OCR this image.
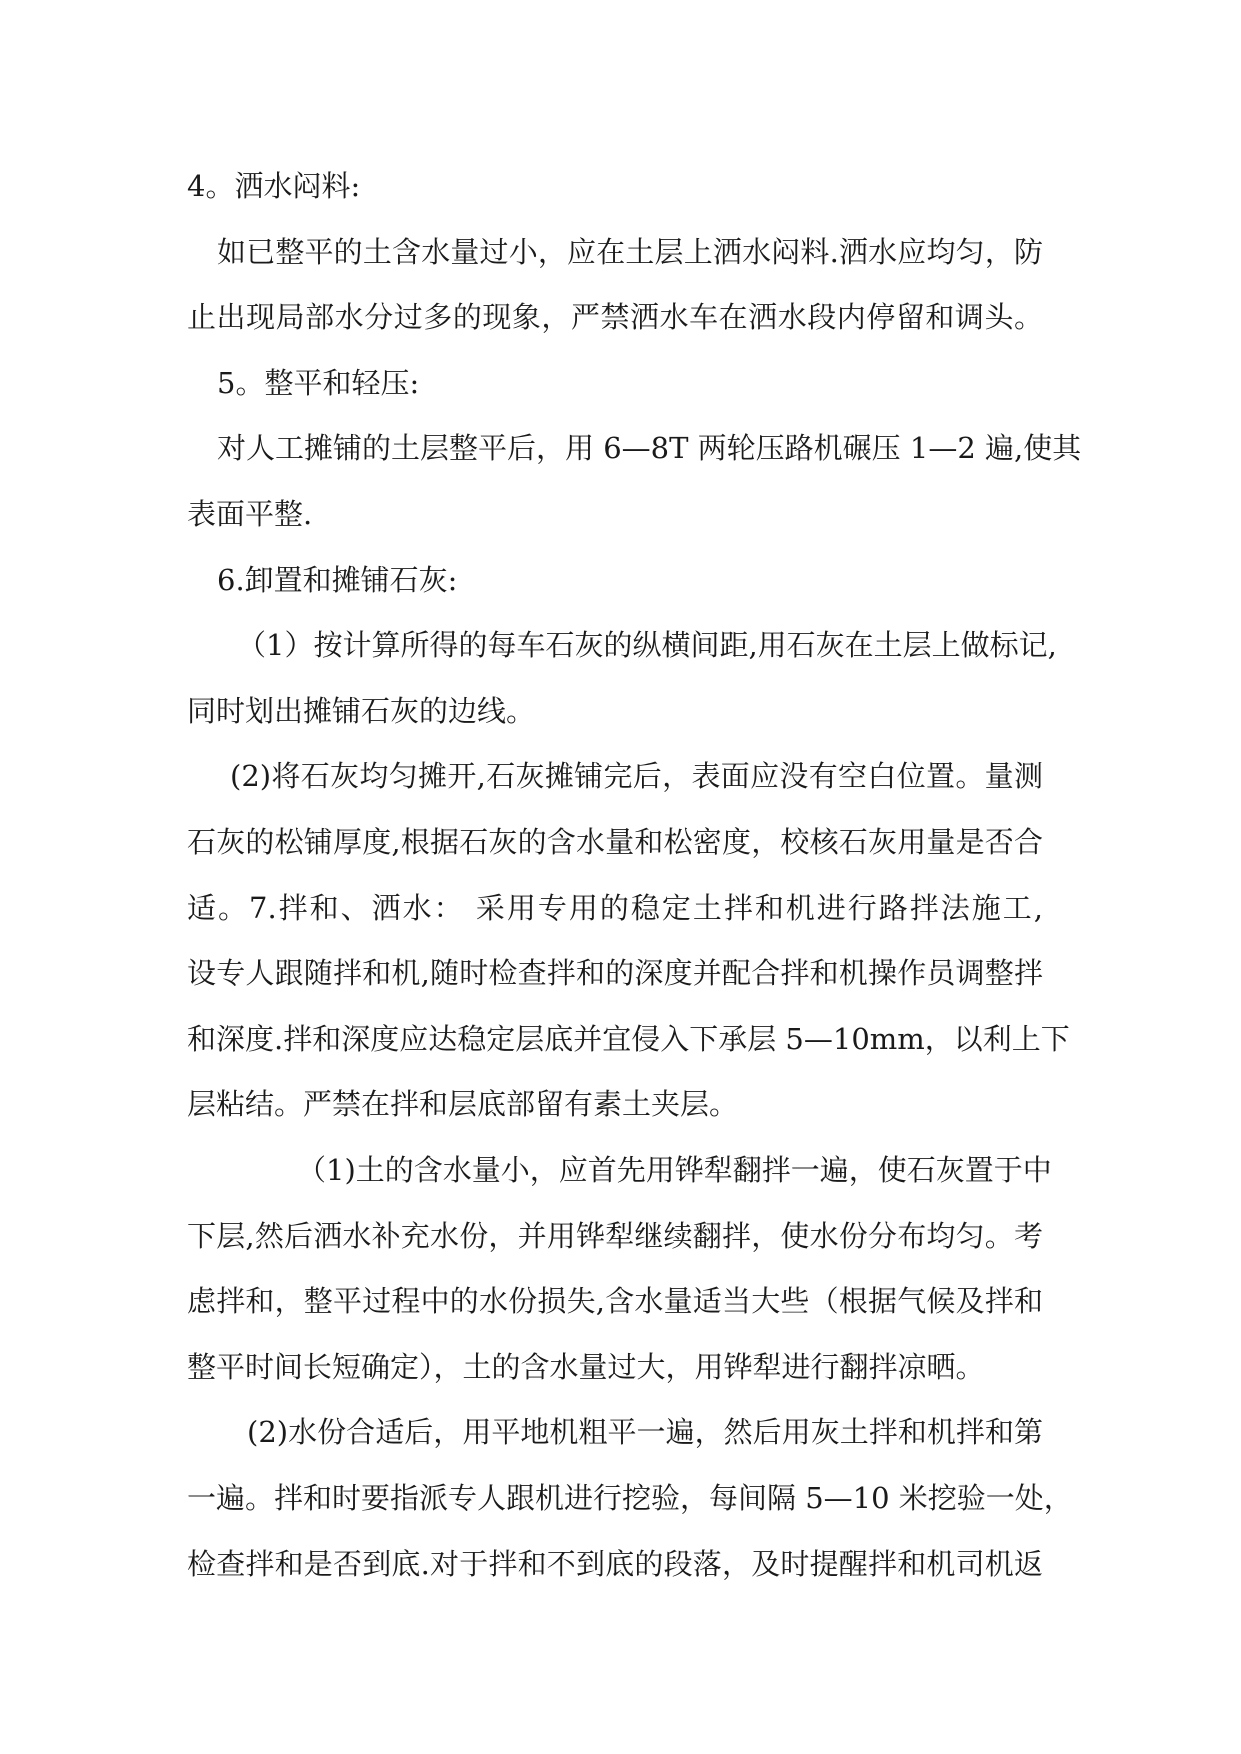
4。洒水闷料:
如已整平的土含水量过小，应在土层上洒水闷料.洒水应均匀，防
止出现局部水分过多的现象，严禁洒水车在洒水段内停留和调头。
5。整平和轻压:
对人工摊铺的土层整平后，用 6—8T 两轮压路机碾压 1—2 遍,使其
表面平整.
6.卸置和摊铺石灰:
（1）按计算所得的每车石灰的纵横间距,用石灰在土层上做标记,
同时划出摊铺石灰的边线。
(2)将石灰均匀摊开,石灰摊铺完后，表面应没有空白位置。量测
石灰的松铺厚度,根据石灰的含水量和松密度，校核石灰用量是否合
适。7.拌和、洒水： 采用专用的稳定土拌和机进行路拌法施工,
设专人跟随拌和机,随时检查拌和的深度并配合拌和机操作员调整拌
和深度.拌和深度应达稳定层底并宜侵入下承层 5—10mm，以利上下
层粘结。严禁在拌和层底部留有素土夹层。
（1)土的含水量小，应首先用铧犁翻拌一遍，使石灰置于中
下层,然后洒水补充水份，并用铧犁继续翻拌，使水份分布均匀。考
虑拌和，整平过程中的水份损失,含水量适当大些（根据气候及拌和
整平时间长短确定），土的含水量过大，用铧犁进行翻拌凉晒。
(2)水份合适后，用平地机粗平一遍，然后用灰土拌和机拌和第
一遍。拌和时要指派专人跟机进行挖验，每间隔 5—10 米挖验一处，
检查拌和是否到底.对于拌和不到底的段落，及时提醒拌和机司机返
